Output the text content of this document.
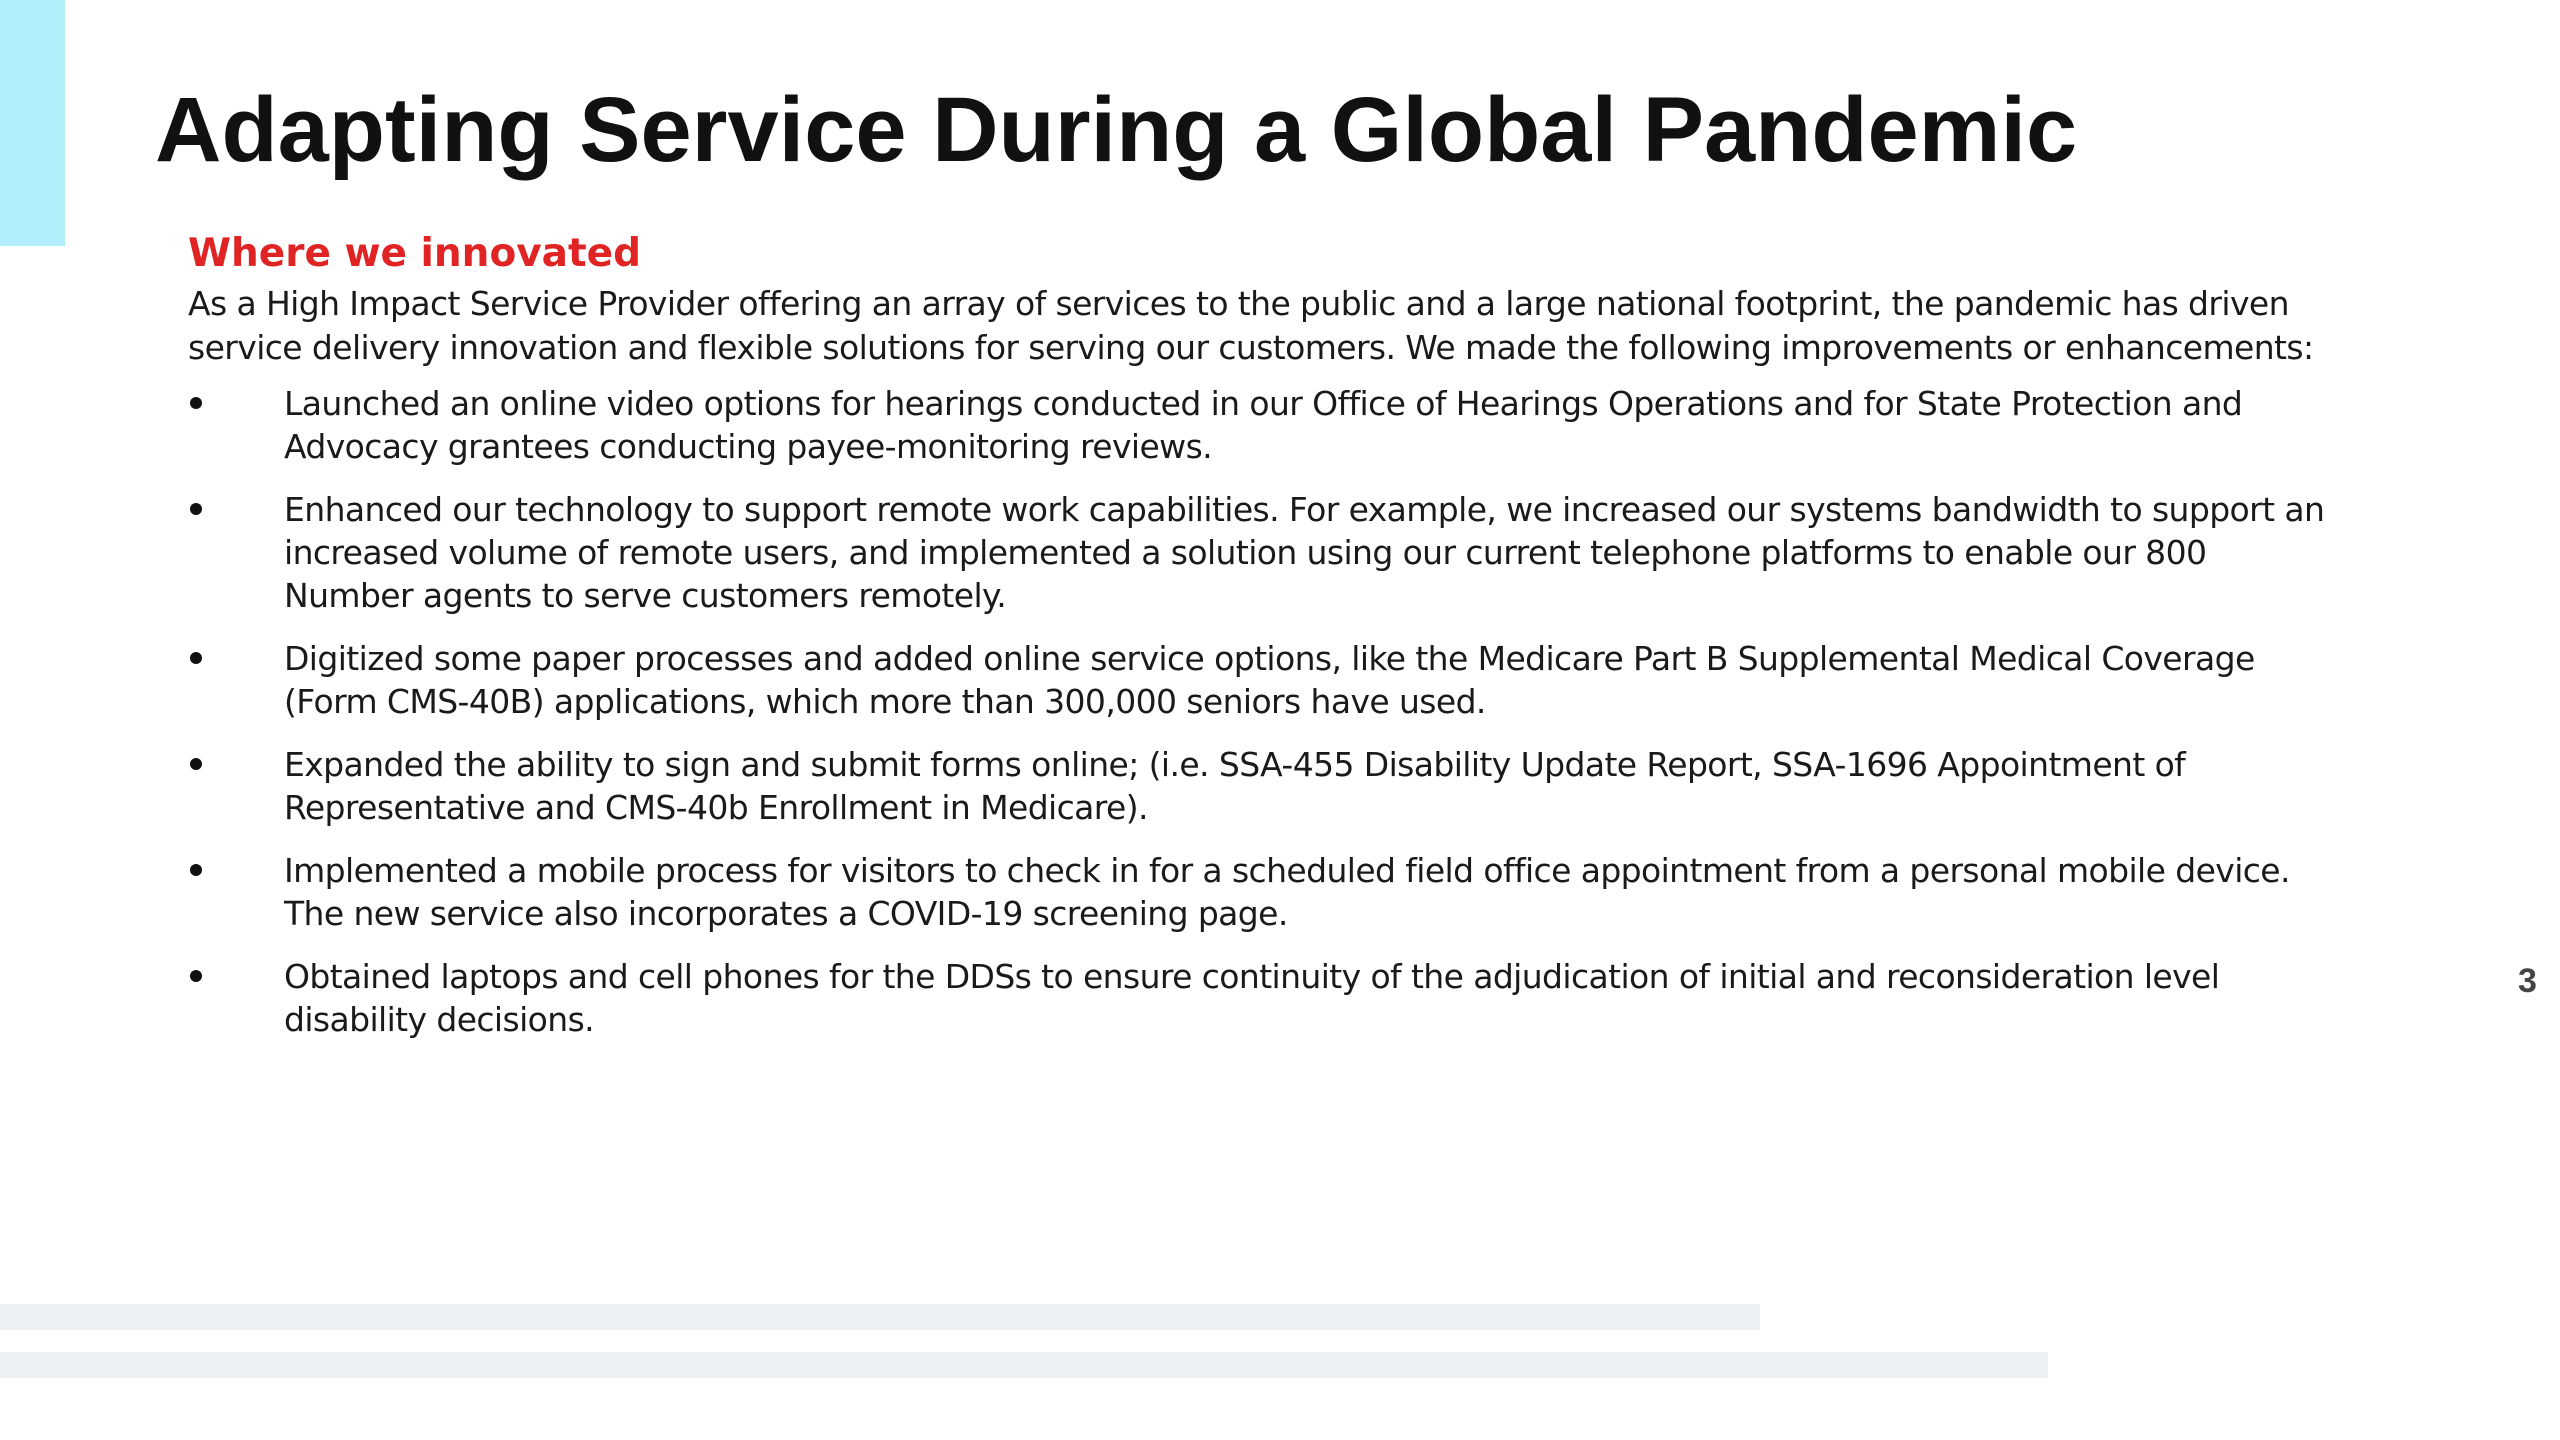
Adapting Service During a Global Pandemic
Where we innovated
As a High Impact Service Provider offering an array of services to the public and a large national footprint, the pandemic has driven service delivery innovation and flexible solutions for serving our customers. We made the following improvements or enhancements:
Launched an online video options for hearings conducted in our Office of Hearings Operations and for State Protection and Advocacy grantees conducting payee-monitoring reviews.
Enhanced our technology to support remote work capabilities. For example, we increased our systems bandwidth to support an increased volume of remote users, and implemented a solution using our current telephone platforms to enable our 800 Number agents to serve customers remotely.
Digitized some paper processes and added online service options, like the Medicare Part B Supplemental Medical Coverage (Form CMS-40B) applications, which more than 300,000 seniors have used.
Expanded the ability to sign and submit forms online; (i.e. SSA-455 Disability Update Report, SSA-1696 Appointment of Representative and CMS-40b Enrollment in Medicare).
Implemented a mobile process for visitors to check in for a scheduled field office appointment from a personal mobile device. The new service also incorporates a COVID-19 screening page.
Obtained laptops and cell phones for the DDSs to ensure continuity of the adjudication of initial and reconsideration level disability decisions.
3
